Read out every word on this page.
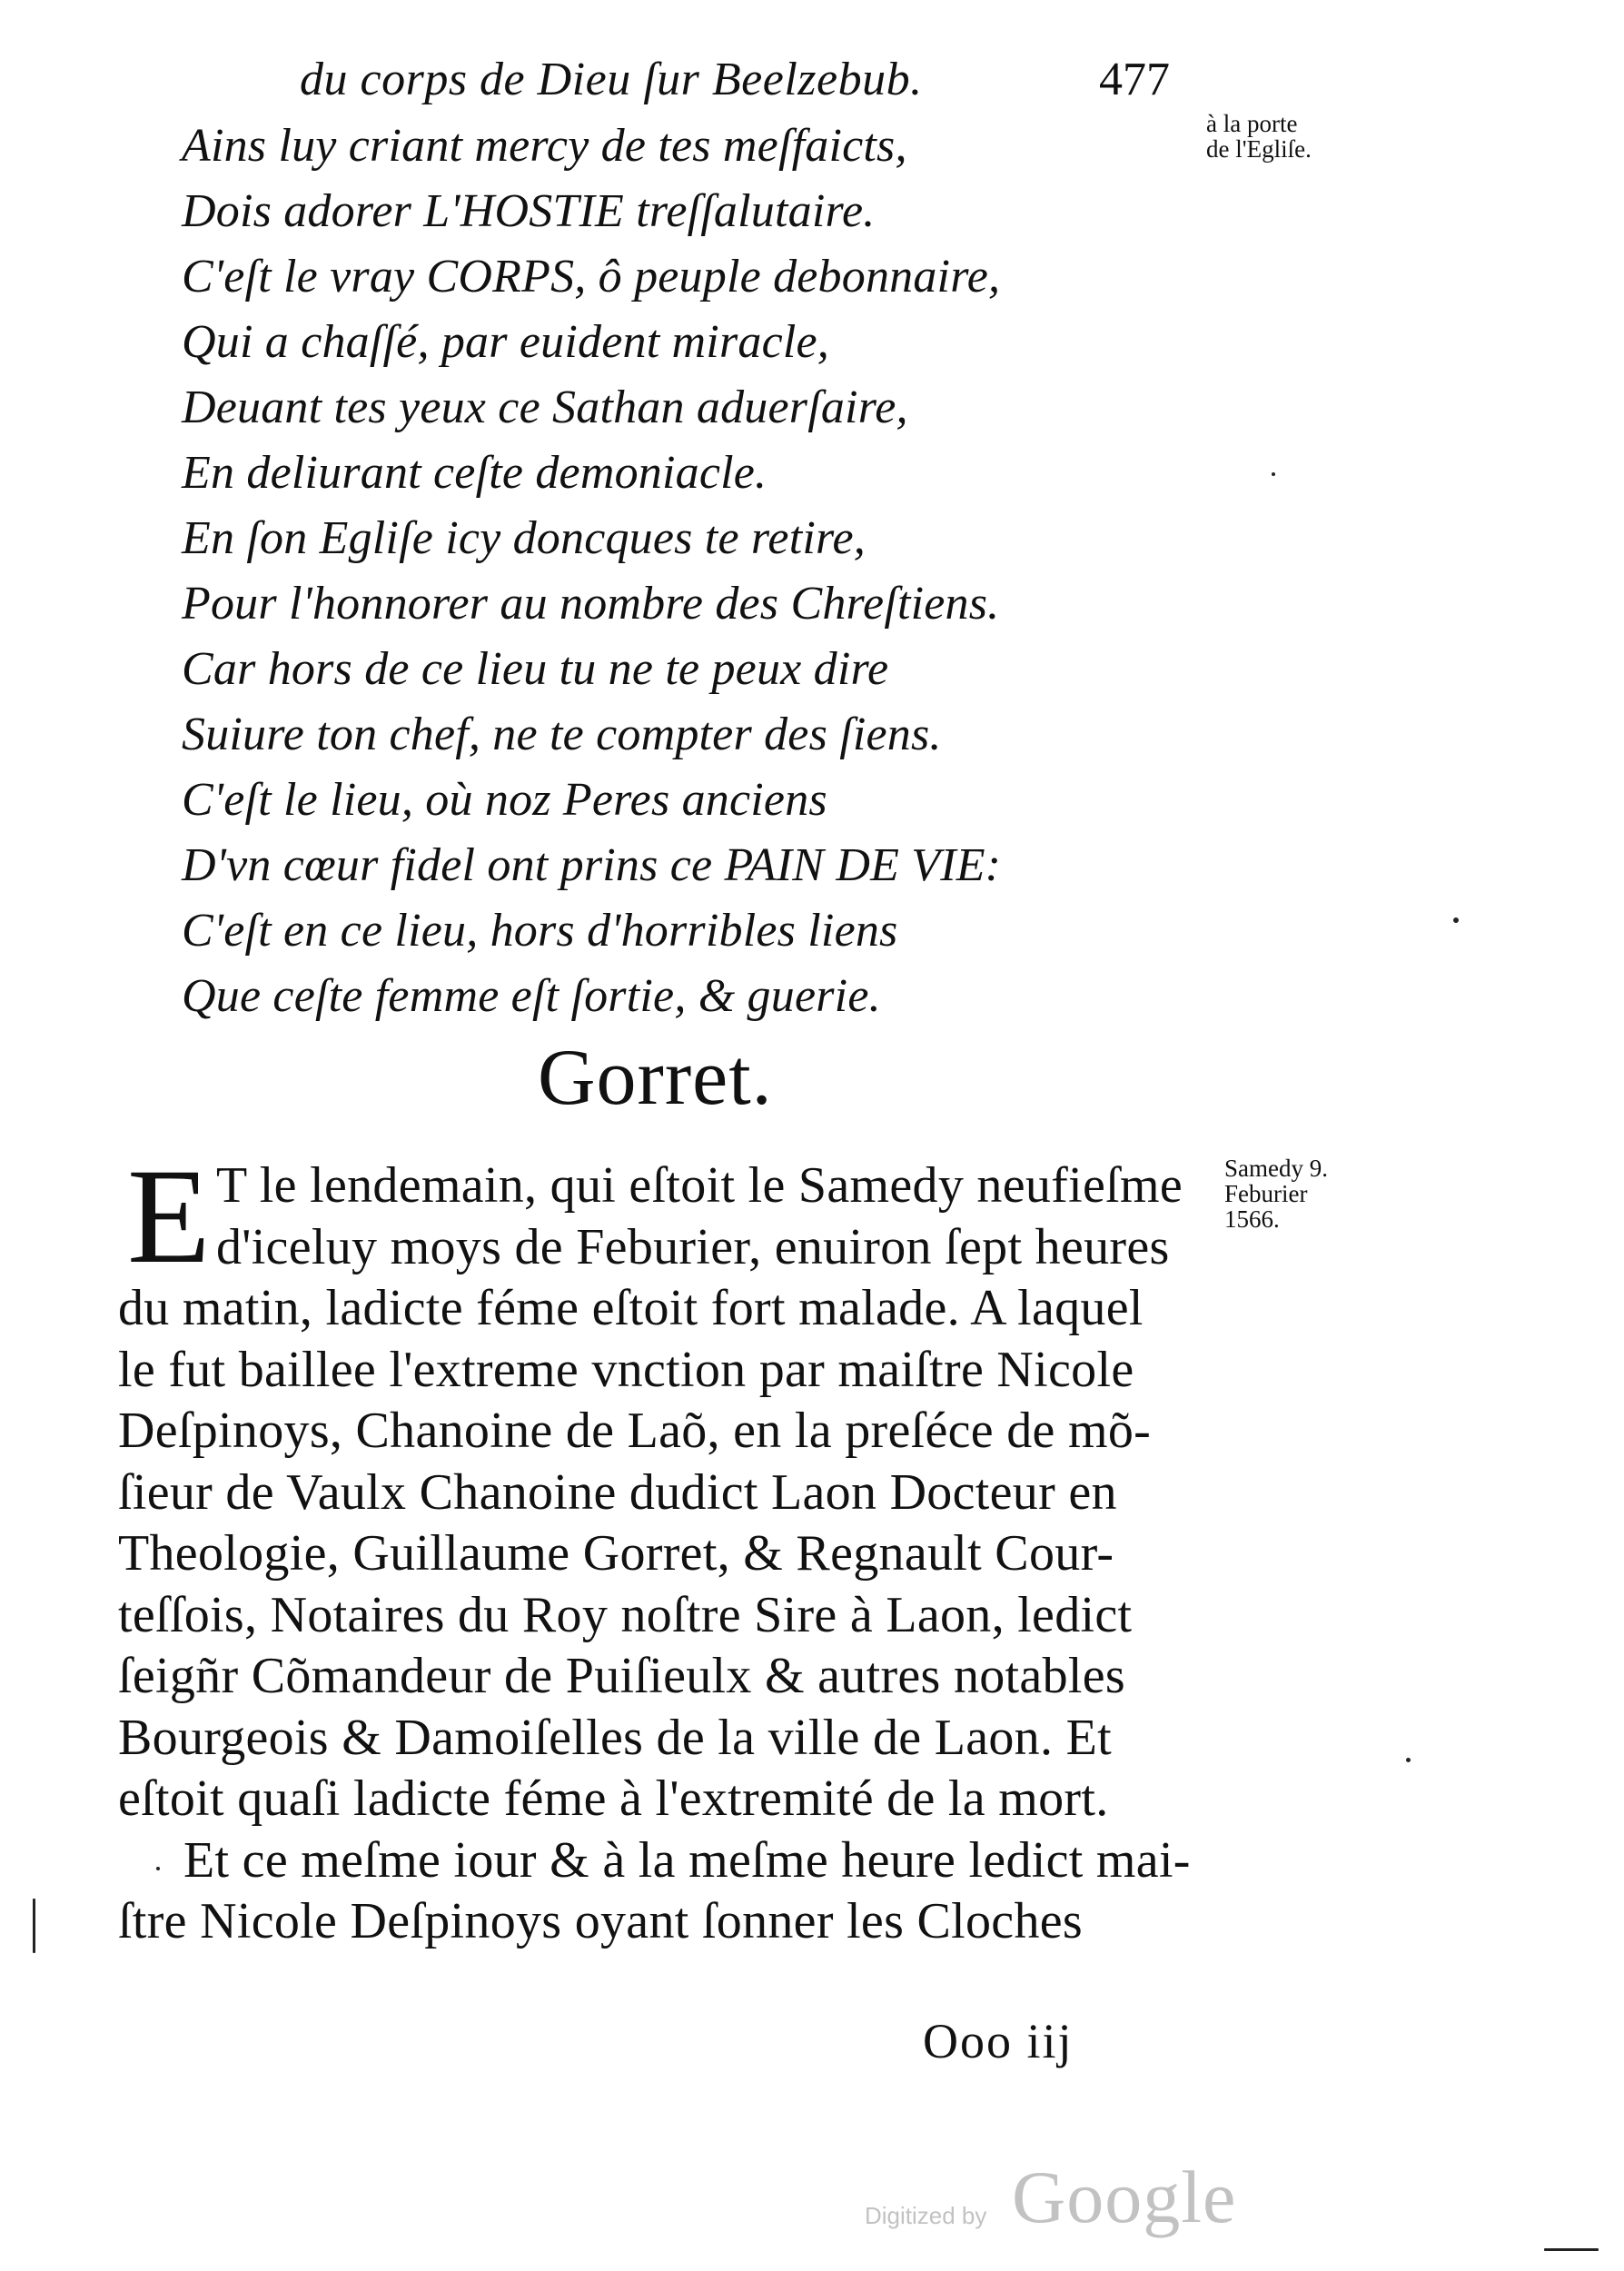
du corps de Dieu ſur Beelzebub.	477
à la porte
de l'Egliſe.
Ains luy criant mercy de tes meſfaicts,
Dois adorer L'HOSTIE treſſalutaire.
C'eſt le vray CORPS, ô peuple debonnaire,
Qui a chaſſé, par euident miracle,
Deuant tes yeux ce Sathan aduerſaire,
En deliurant ceſte demoniacle.
En ſon Egliſe icy doncques te retire,
Pour l'honnorer au nombre des Chreſtiens.
Car hors de ce lieu tu ne te peux dire
Suiure ton chef, ne te compter des ſiens.
C'eſt le lieu, où noz Peres anciens
D'vn cœur fidel ont prins ce PAIN DE VIE:
C'eſt en ce lieu, hors d'horribles liens
Que ceſte femme eſt ſortie, & guerie.
Gorret.
Samedy 9.
Feburier
1566.
E T le lendemain, qui eſtoit le Samedy neufieſme
d'iceluy moys de Feburier, enuiron ſept heures
du matin, ladicte féme eſtoit fort malade. A laquel
le fut baillee l'extreme vnction par maiſtre Nicole
Deſpinoys, Chanoine de Laõ, en la preſéce de mõ-
ſieur de Vaulx Chanoine dudict Laon Docteur en
Theologie, Guillaume Gorret, & Regnault Cour-
teſſois, Notaires du Roy noſtre Sire à Laon, ledict
ſeigñr Cõmandeur de Puiſieulx & autres notables
Bourgeois & Damoiſelles de la ville de Laon. Et
eſtoit quaſi ladicte féme à l'extremité de la mort.
Et ce meſme iour & à la meſme heure ledict mai-
ſtre Nicole Deſpinoys oyant ſonner les Cloches
Ooo iij
Digitized by Google
